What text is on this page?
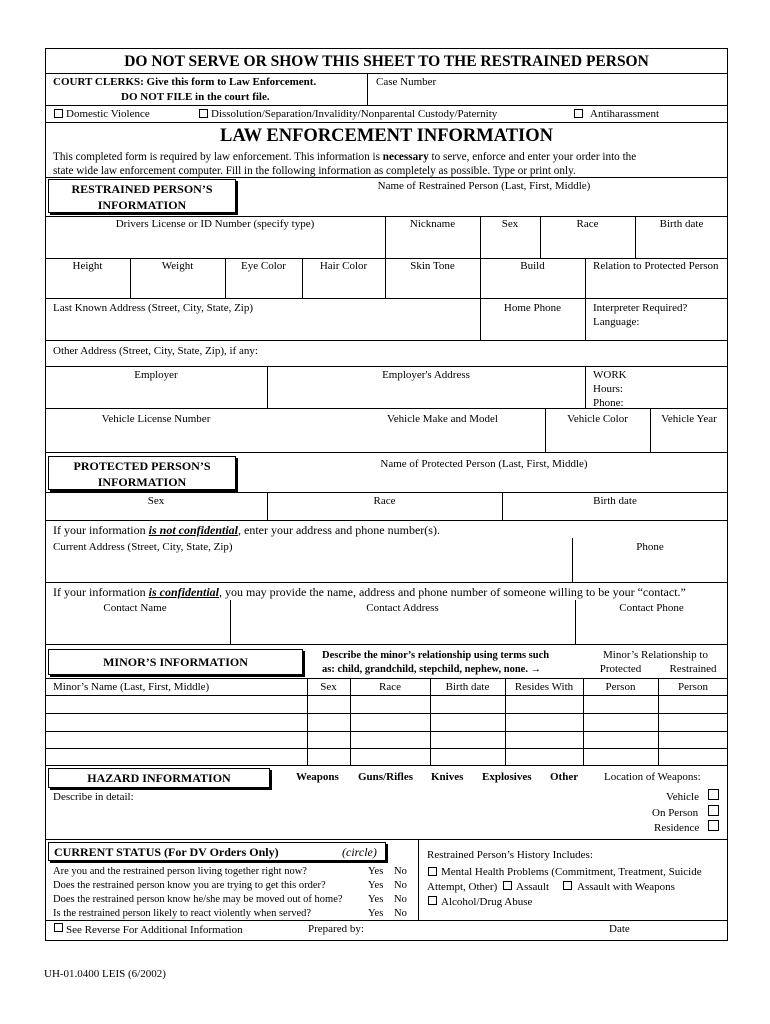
DO NOT SERVE OR SHOW THIS SHEET TO THE RESTRAINED PERSON
COURT CLERKS: Give this form to Law Enforcement.
DO NOT FILE in the court file.
Case Number
Domestic Violence	Dissolution/Separation/Invalidity/Nonparental Custody/Paternity	Antiharassment
LAW ENFORCEMENT INFORMATION
This completed form is required by law enforcement. This information is necessary to serve, enforce and enter your order into the
state wide law enforcement computer. Fill in the following information as completely as possible. Type or print only.
RESTRAINED PERSON’S
INFORMATION
Name of Restrained Person (Last, First, Middle)
Drivers License or ID Number (specify type)	Nickname	Sex	Race	Birth date
Height	Weight	Eye Color	Hair Color	Skin Tone	Build	Relation to Protected Person
Last Known Address (Street, City, State, Zip)	Home Phone	Interpreter Required?
Language:
Other Address (Street, City, State, Zip), if any:
Employer	Employer's Address	WORK
Hours:
Phone:
Vehicle License Number	Vehicle Make and Model	Vehicle Color	Vehicle Year
PROTECTED PERSON’S
INFORMATION
Name of Protected Person (Last, First, Middle)
Sex	Race	Birth date
If your information is not confidential, enter your address and phone number(s).
Current Address (Street, City, State, Zip)	Phone
If your information is confidential, you may provide the name, address and phone number of someone willing to be your “contact.”
Contact Name	Contact Address	Contact Phone
MINOR’S INFORMATION	Describe the minor’s relationship using terms such
as: child, grandchild, stepchild, nephew, none. →
Minor’s Relationship to
Protected	Restrained
Minor’s Name (Last, First, Middle)	Sex	Race	Birth date	Resides With	Person	Person
HAZARD INFORMATION	Weapons Guns/Rifles Knives Explosives Other Location of Weapons:
Describe in detail:	Vehicle
On Person
Residence
CURRENT STATUS (For DV Orders Only)	(circle)
Are you and the restrained person living together right now?	Yes No
Does the restrained person know you are trying to get this order?	Yes No
Does the restrained person know he/she may be moved out of home? Yes No
Is the restrained person likely to react violently when served?	Yes No
Restrained Person’s History Includes:
Mental Health Problems (Commitment, Treatment, Suicide
Attempt, Other) Assault	Assault with Weapons
Alcohol/Drug Abuse
See Reverse For Additional Information	Prepared by:	Date
UH-01.0400 LEIS (6/2002)
